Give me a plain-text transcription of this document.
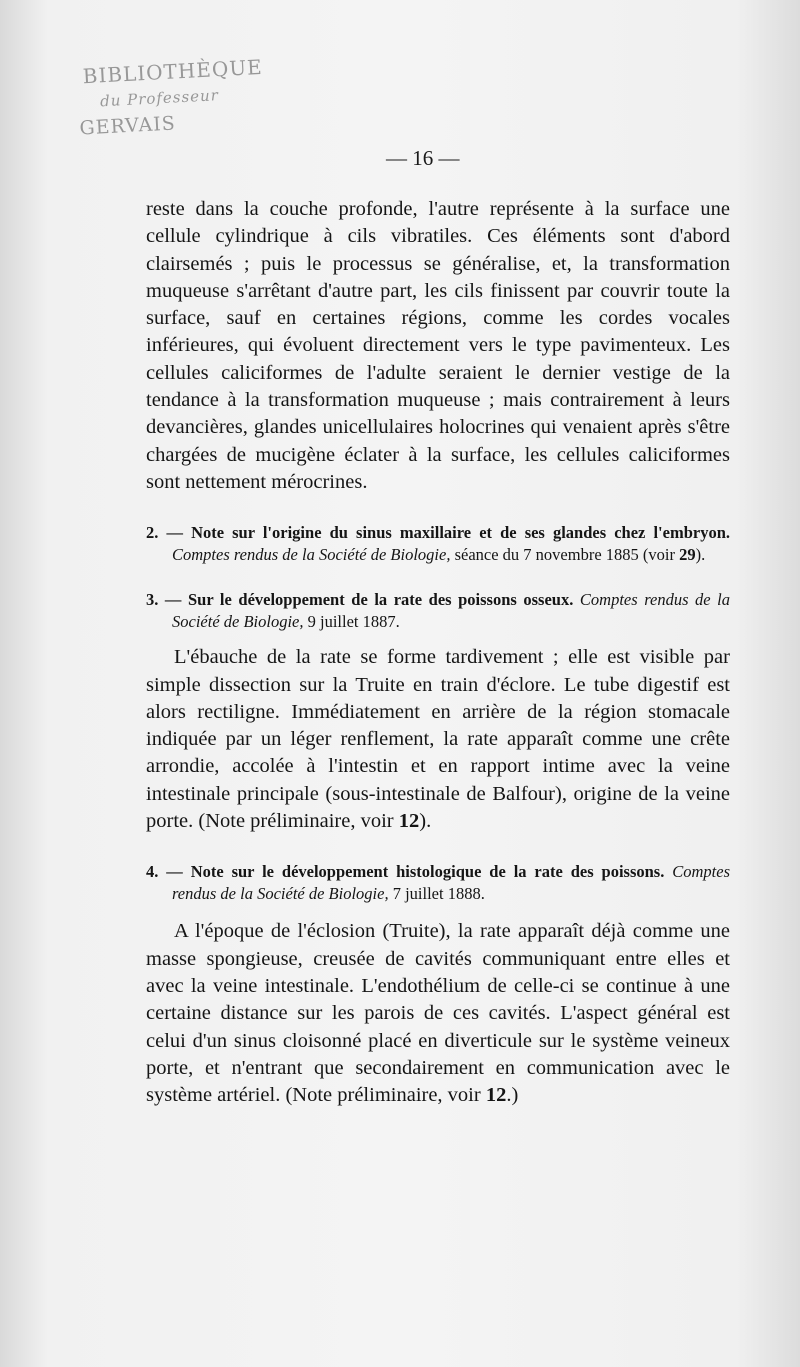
BIBLIOTHÈQUE
du Professeur
GERVAIS
— 16 —

reste dans la couche profonde, l'autre représente à la surface une cellule cylindrique à cils vibratiles. Ces éléments sont d'abord clairsemés ; puis le processus se généralise, et, la transformation muqueuse s'arrêtant d'autre part, les cils finissent par couvrir toute la surface, sauf en certaines régions, comme les cordes vocales inférieures, qui évoluent directement vers le type pavimenteux. Les cellules caliciformes de l'adulte seraient le dernier vestige de la tendance à la transformation muqueuse ; mais contrairement à leurs devancières, glandes unicellulaires holocrines qui venaient après s'être chargées de mucigène éclater à la surface, les cellules caliciformes sont nettement mérocrines.

2. — Note sur l'origine du sinus maxillaire et de ses glandes chez l'embryon. Comptes rendus de la Société de Biologie, séance du 7 novembre 1885 (voir 29).

3. — Sur le développement de la rate des poissons osseux. Comptes rendus de la Société de Biologie, 9 juillet 1887.

L'ébauche de la rate se forme tardivement ; elle est visible par simple dissection sur la Truite en train d'éclore. Le tube digestif est alors rectiligne. Immédiatement en arrière de la région stomacale indiquée par un léger renflement, la rate apparaît comme une crête arrondie, accolée à l'intestin et en rapport intime avec la veine intestinale principale (sous-intestinale de Balfour), origine de la veine porte. (Note préliminaire, voir 12).

4. — Note sur le développement histologique de la rate des poissons. Comptes rendus de la Société de Biologie, 7 juillet 1888.

A l'époque de l'éclosion (Truite), la rate apparaît déjà comme une masse spongieuse, creusée de cavités communiquant entre elles et avec la veine intestinale. L'endothélium de celle-ci se continue à une certaine distance sur les parois de ces cavités. L'aspect général est celui d'un sinus cloisonné placé en diverticule sur le système veineux porte, et n'entrant que secondairement en communication avec le système artériel. (Note préliminaire, voir 12.)
